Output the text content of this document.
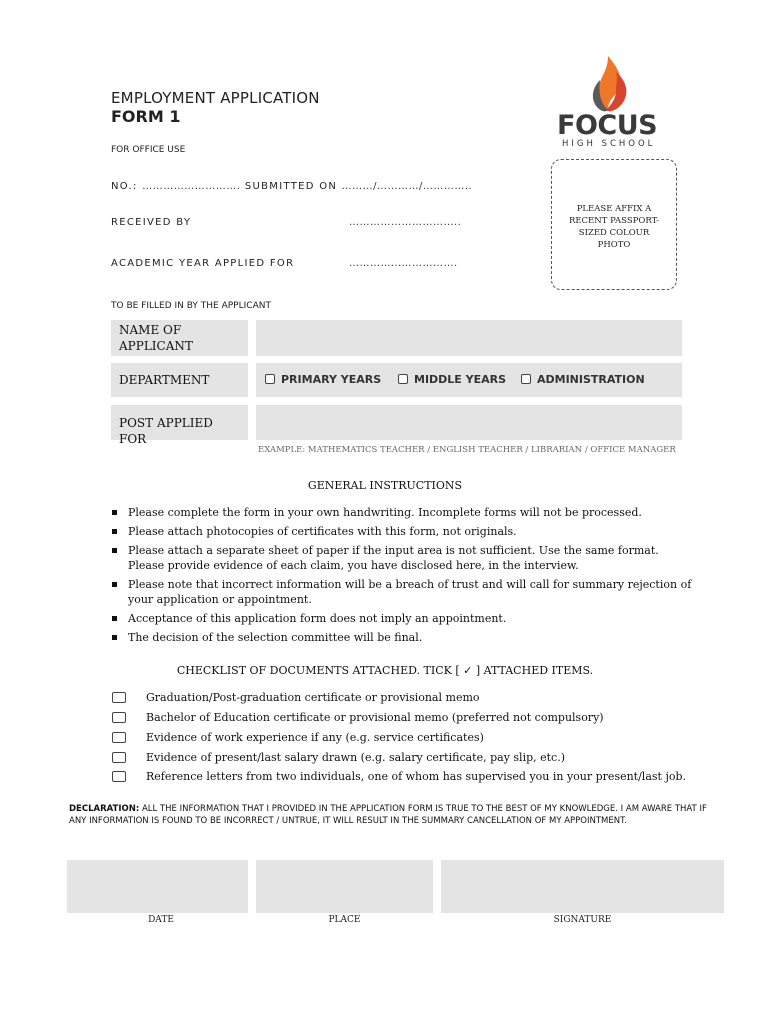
EMPLOYMENT APPLICATION
FORM 1
FOR OFFICE USE
FOCUS
HIGH SCHOOL
NO.: ………………………. SUBMITTED ON ………/…………/…………..
RECEIVED BY	…………………………..
ACADEMIC YEAR APPLIED FOR	………………………….
PLEASE AFFIX A
RECENT PASSPORT-
SIZED COLOUR
PHOTO
TO BE FILLED IN BY THE APPLICANT
NAME OF
APPLICANT
DEPARTMENT	PRIMARY YEARS	MIDDLE YEARS	ADMINISTRATION
POST APPLIED FOR
EXAMPLE: MATHEMATICS TEACHER / ENGLISH TEACHER / LIBRARIAN / OFFICE MANAGER
GENERAL INSTRUCTIONS
Please complete the form in your own handwriting. Incomplete forms will not be processed.
Please attach photocopies of certificates with this form, not originals.
Please attach a separate sheet of paper if the input area is not sufficient. Use the same format.
Please provide evidence of each claim, you have disclosed here, in the interview.
Please note that incorrect information will be a breach of trust and will call for summary rejection of
your application or appointment.
Acceptance of this application form does not imply an appointment.
The decision of the selection committee will be final.
CHECKLIST OF DOCUMENTS ATTACHED. TICK [ ✓ ] ATTACHED ITEMS.
Graduation/Post-graduation certificate or provisional memo
Bachelor of Education certificate or provisional memo (preferred not compulsory)
Evidence of work experience if any (e.g. service certificates)
Evidence of present/last salary drawn (e.g. salary certificate, pay slip, etc.)
Reference letters from two individuals, one of whom has supervised you in your present/last job.
DECLARATION: ALL THE INFORMATION THAT I PROVIDED IN THE APPLICATION FORM IS TRUE TO THE BEST OF MY KNOWLEDGE. I AM AWARE THAT IF ANY INFORMATION IS FOUND TO BE INCORRECT / UNTRUE, IT WILL RESULT IN THE SUMMARY CANCELLATION OF MY APPOINTMENT.
DATE	PLACE	SIGNATURE
